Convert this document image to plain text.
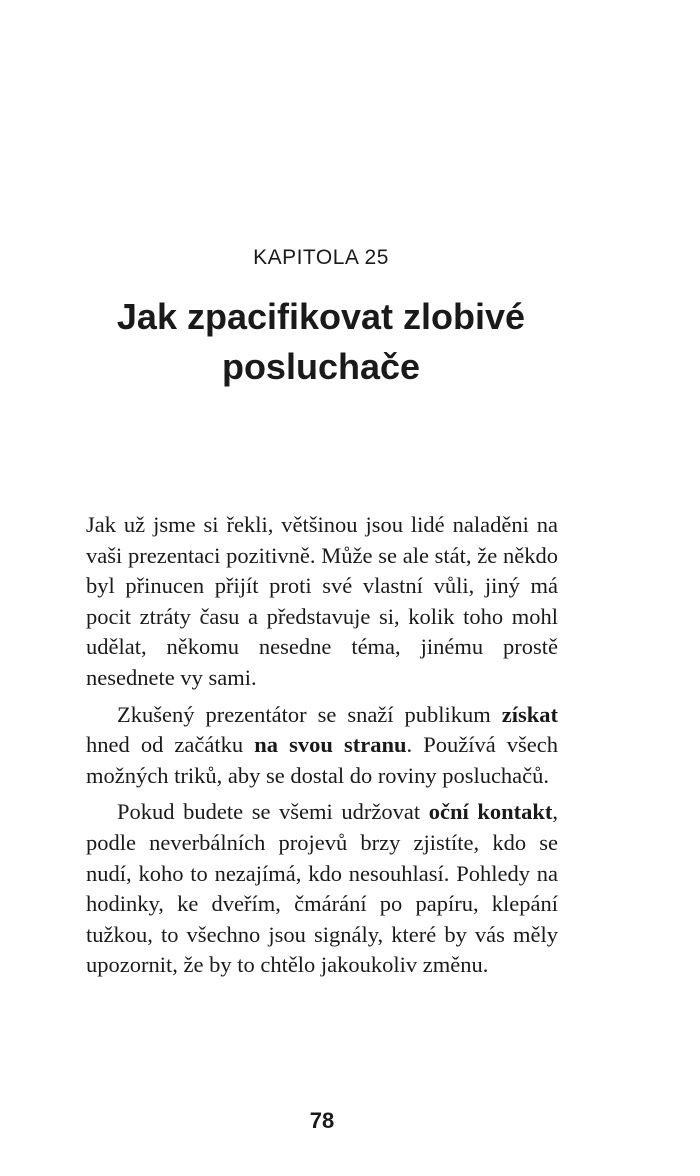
KAPITOLA 25
Jak zpacifikovat zlobivé posluchače

Jak už jsme si řekli, většinou jsou lidé naladěni na vaši prezentaci pozitivně. Může se ale stát, že někdo byl přinucen přijít proti své vlastní vůli, jiný má pocit ztráty času a představuje si, kolik toho mohl udělat, někomu nesedne téma, jinému prostě nesednete vy sami.

Zkušený prezentátor se snaží publikum získat hned od začátku na svou stranu. Používá všech možných triků, aby se dostal do roviny posluchačů.

Pokud budete se všemi udržovat oční kontakt, podle neverbálních projevů brzy zjistíte, kdo se nudí, koho to nezajímá, kdo nesouhlasí. Pohledy na hodinky, ke dveřím, čmárání po papíru, klepání tužkou, to všechno jsou signály, které by vás měly upozornit, že by to chtělo jakoukoliv změnu.

78
